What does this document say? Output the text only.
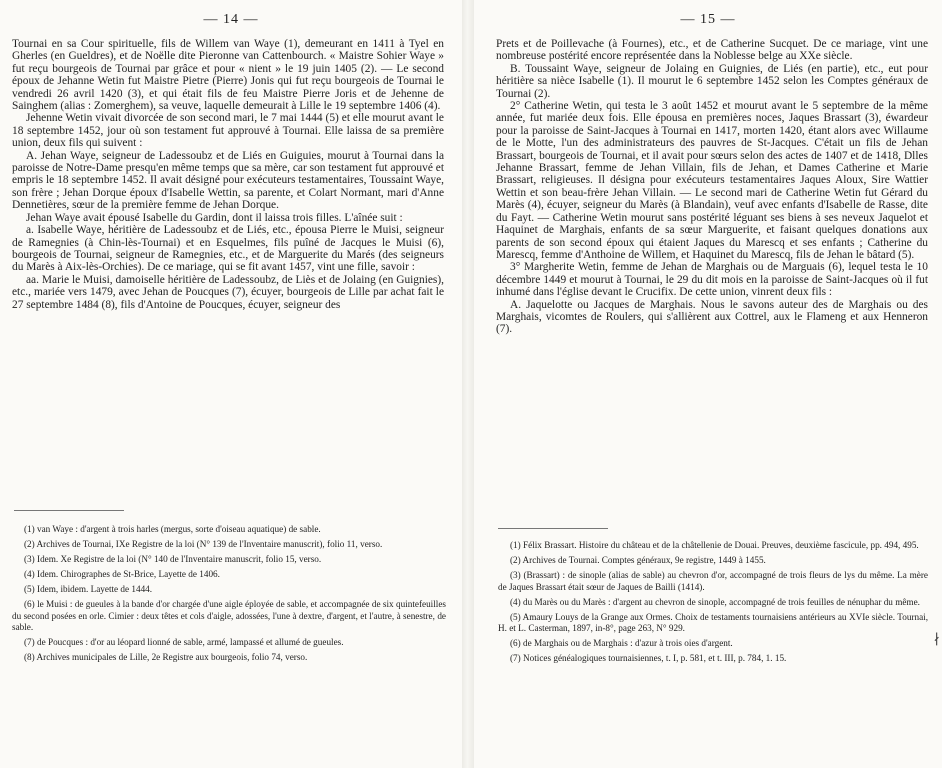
— 14 —

Tournai en sa Cour spirituelle, fils de Willem van Waye (1), demeurant en 1411 à Tyel en Gherles (en Gueldres), et de Noëlle dite Pieronne van Cattenbourch. « Maistre Sohier Waye » fut reçu bourgeois de Tournai par grâce et pour « nient » le 19 juin 1405 (2). — Le second époux de Jehanne Wetin fut Maistre Pietre (Pierre) Jonis qui fut reçu bourgeois de Tournai le vendredi 26 avril 1420 (3), et qui était fils de feu Maistre Pierre Joris et de Jehenne de Sainghem (alias : Zomerghem), sa veuve, laquelle demeurait à Lille le 19 septembre 1406 (4).

Jehenne Wetin vivait divorcée de son second mari, le 7 mai 1444 (5) et elle mourut avant le 18 septembre 1452, jour où son testament fut approuvé à Tournai. Elle laissa de sa première union, deux fils qui suivent :

A. Jehan Waye, seigneur de Ladessoubz et de Liés en Guiguies, mourut à Tournai dans la paroisse de Notre-Dame presqu'en même temps que sa mère, car son testament fut approuvé et empris le 18 septembre 1452. Il avait désigné pour exécuteurs testamentaires, Toussaint Waye, son frère ; Jehan Dorque époux d'Isabelle Wettin, sa parente, et Colart Normant, mari d'Anne Dennetières, sœur de la première femme de Jehan Dorque.

Jehan Waye avait épousé Isabelle du Gardin, dont il laissa trois filles. L'aînée suit :

a. Isabelle Waye, héritière de Ladessoubz et de Liés, etc., épousa Pierre le Muisi, seigneur de Ramegnies (à Chin-lès-Tournai) et en Esquelmes, fils puîné de Jacques le Muisi (6), bourgeois de Tournai, seigneur de Ramegnies, etc., et de Marguerite du Marés (des seigneurs du Marès à Aix-lès-Orchies). De ce mariage, qui se fit avant 1457, vint une fille, savoir :

aa. Marie le Muisi, damoiselle héritière de Ladessoubz, de Liès et de Jolaing (en Guignies), etc., mariée vers 1479, avec Jehan de Poucques (7), écuyer, bourgeois de Lille par achat fait le 27 septembre 1484 (8), fils d'Antoine de Poucques, écuyer, seigneur des

(1) van Waye : d'argent à trois harles (mergus, sorte d'oiseau aquatique) de sable.

(2) Archives de Tournai, IXe Registre de la loi (N° 139 de l'Inventaire manuscrit), folio 11, verso.

(3) Idem. Xe Registre de la loi (N° 140 de l'Inventaire manuscrit, folio 15, verso.

(4) Idem. Chirographes de St-Brice, Layette de 1406.

(5) Idem, ibidem. Layette de 1444.

(6) le Muisi : de gueules à la bande d'or chargée d'une aigle éployée de sable, et accompagnée de six quintefeuilles du second posées en orle. Cimier : deux têtes et cols d'aigle, adossées, l'une à dextre, d'argent, et l'autre, à senestre, de sable.

(7) de Poucques : d'or au léopard lionné de sable, armé, lampassé et allumé de gueules.

(8) Archives municipales de Lille, 2e Registre aux bourgeois, folio 74, verso.

— 15 —

Prets et de Poillevache (à Fournes), etc., et de Catherine Sucquet. De ce mariage, vint une nombreuse postérité encore représentée dans la Noblesse belge au XXe siècle.

B. Toussaint Waye, seigneur de Jolaing en Guignies, de Liés (en partie), etc., eut pour héritière sa nièce Isabelle (1). Il mourut le 6 septembre 1452 selon les Comptes généraux de Tournai (2).

2° Catherine Wetin, qui testa le 3 août 1452 et mourut avant le 5 septembre de la même année, fut mariée deux fois. Elle épousa en premières noces, Jaques Brassart (3), éwardeur pour la paroisse de Saint-Jacques à Tournai en 1417, morten 1420, étant alors avec Willaume de le Motte, l'un des administrateurs des pauvres de St-Jacques. C'était un fils de Jehan Brassart, bourgeois de Tournai, et il avait pour sœurs selon des actes de 1407 et de 1418, Dlles Jehanne Brassart, femme de Jehan Villain, fils de Jehan, et Dames Catherine et Marie Brassart, religieuses. Il désigna pour exécuteurs testamentaires Jaques Aloux, Sire Wattier Wettin et son beau-frère Jehan Villain. — Le second mari de Catherine Wetin fut Gérard du Marès (4), écuyer, seigneur du Marès (à Blandain), veuf avec enfants d'Isabelle de Rasse, dite du Fayt. — Catherine Wetin mourut sans postérité léguant ses biens à ses neveux Jaquelot et Haquinet de Marghais, enfants de sa sœur Marguerite, et faisant quelques donations aux parents de son second époux qui étaient Jaques du Marescq et ses enfants ; Catherine du Marescq, femme d'Anthoine de Willem, et Haquinet du Marescq, fils de Jehan le bâtard (5).

3° Margherite Wetin, femme de Jehan de Marghais ou de Marguais (6), lequel testa le 10 décembre 1449 et mourut à Tournai, le 29 du dit mois en la paroisse de Saint-Jacques où il fut inhumé dans l'église devant le Crucifix. De cette union, vinrent deux fils :

A. Jaquelotte ou Jacques de Marghais. Nous le savons auteur des de Marghais ou des Marghais, vicomtes de Roulers, qui s'allièrent aux Cottrel, aux le Flameng et aux Henneron (7).

(1) Félix Brassart. Histoire du château et de la châtellenie de Douai. Preuves, deuxième fascicule, pp. 494, 495.

(2) Archives de Tournai. Comptes généraux, 9e registre, 1449 à 1455.

(3) (Brassart) : de sinople (alias de sable) au chevron d'or, accompagné de trois fleurs de lys du même. La mère de Jaques Brassart était sœur de Jaques de Bailli (1414).

(4) du Marès ou du Marès : d'argent au chevron de sinople, accompagné de trois feuilles de nénuphar du même.

(5) Amaury Louys de la Grange aux Ormes. Choix de testaments tournaisiens antérieurs au XVIe siècle. Tournai, H. et L. Casterman, 1897, in-8°, page 263, N° 929.

(6) de Marghais ou de Marghais : d'azur à trois oies d'argent.

(7) Notices généalogiques tournaisiennes, t. I, p. 581, et t. III, p. 784, 1. 15.

∤
